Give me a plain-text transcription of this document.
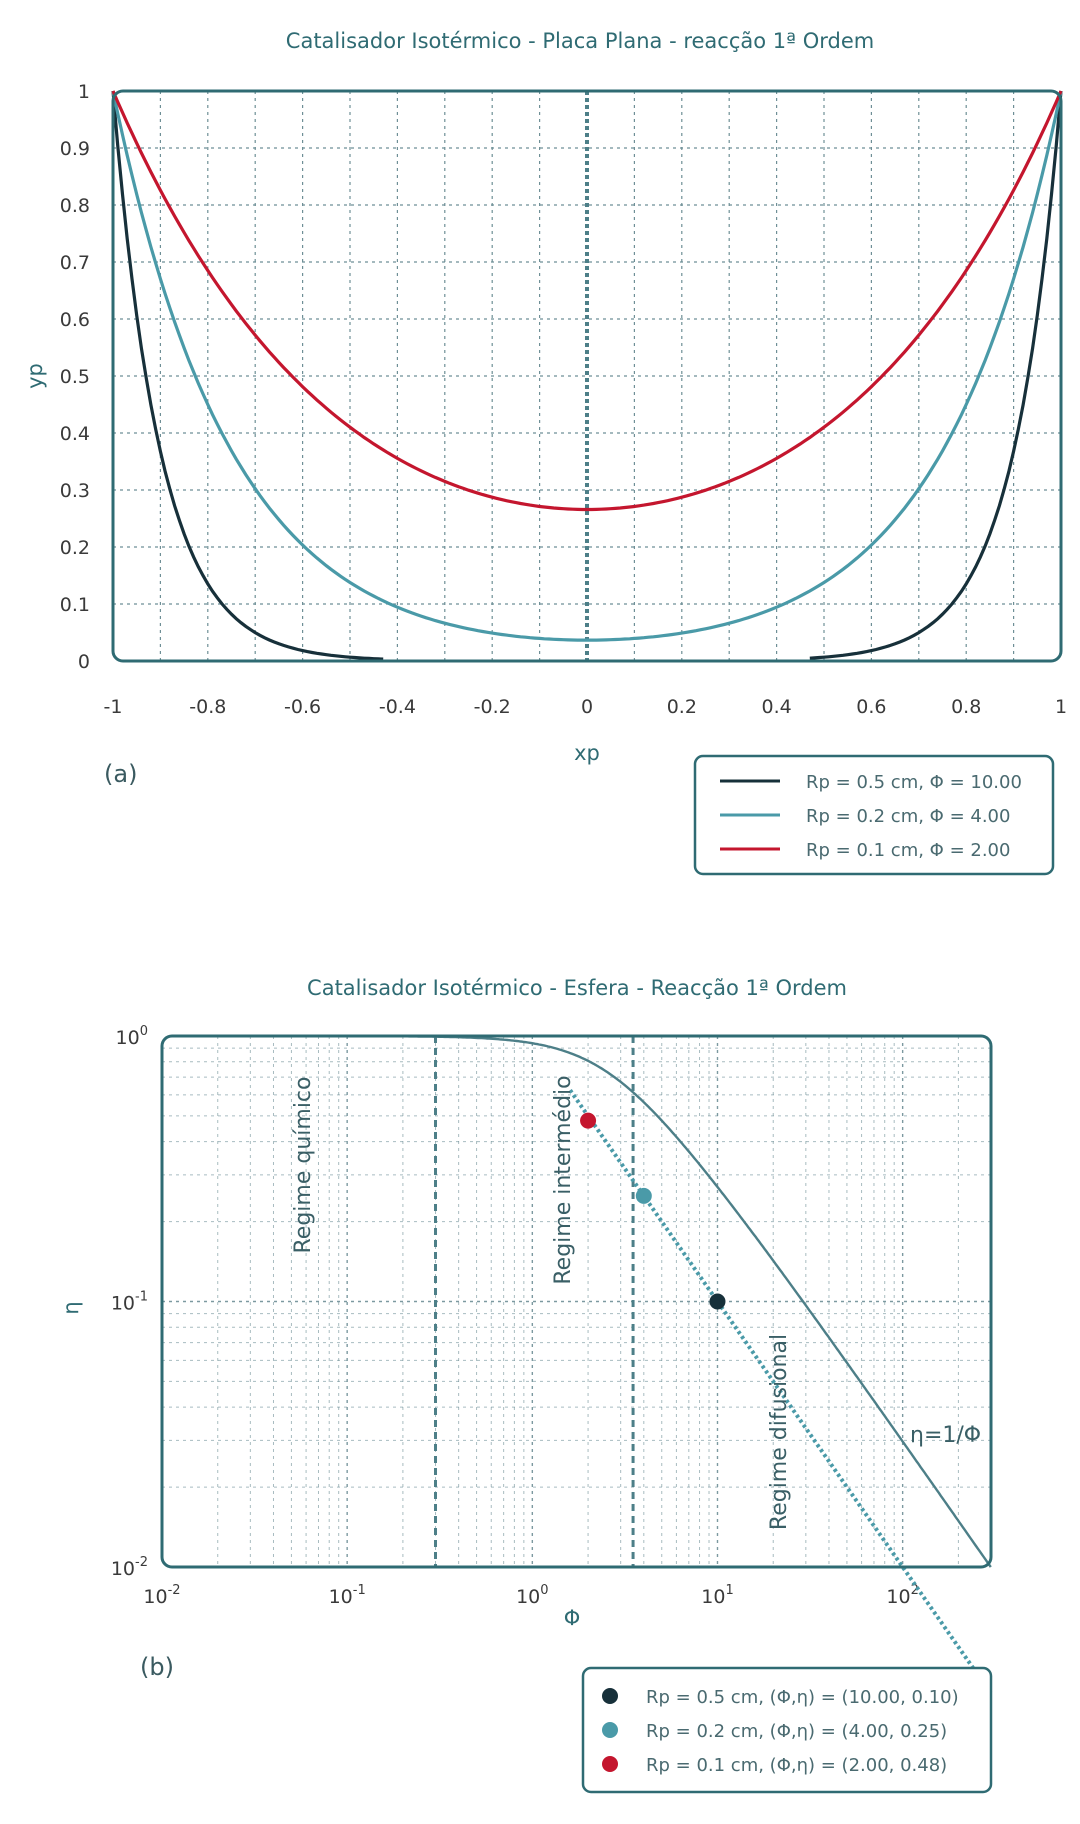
Catalisador Isotérmico - Placa Plana - reacção 1ª Ordem
0
0.1
0.2
0.3
0.4
0.5
0.6
0.7
0.8
0.9
1
-1	-0.8	-0.6	-0.4	-0.2	0	0.2	0.4	0.6	0.8	1
xp
yp
(a)	Rp = 0.5 cm, Φ = 10.00
Rp = 0.2 cm, Φ = 4.00
Rp = 0.1 cm, Φ = 2.00
Catalisador Isotérmico - Esfera - Reacção 1ª Ordem
$10^{-2}$
$10^{-1}$
$10^0$
$10^{-2}$	$10^{-1}$	$10^0$	$10^1$	$10^2$
Regime químico	Regime intermédio
Regime difusional	η=1/Φ
Φ
η
(b)
Rp = 0.5 cm, (Φ,η) = (10.00, 0.10)
Rp = 0.2 cm, (Φ,η) = (4.00, 0.25)
Rp = 0.1 cm, (Φ,η) = (2.00, 0.48)
